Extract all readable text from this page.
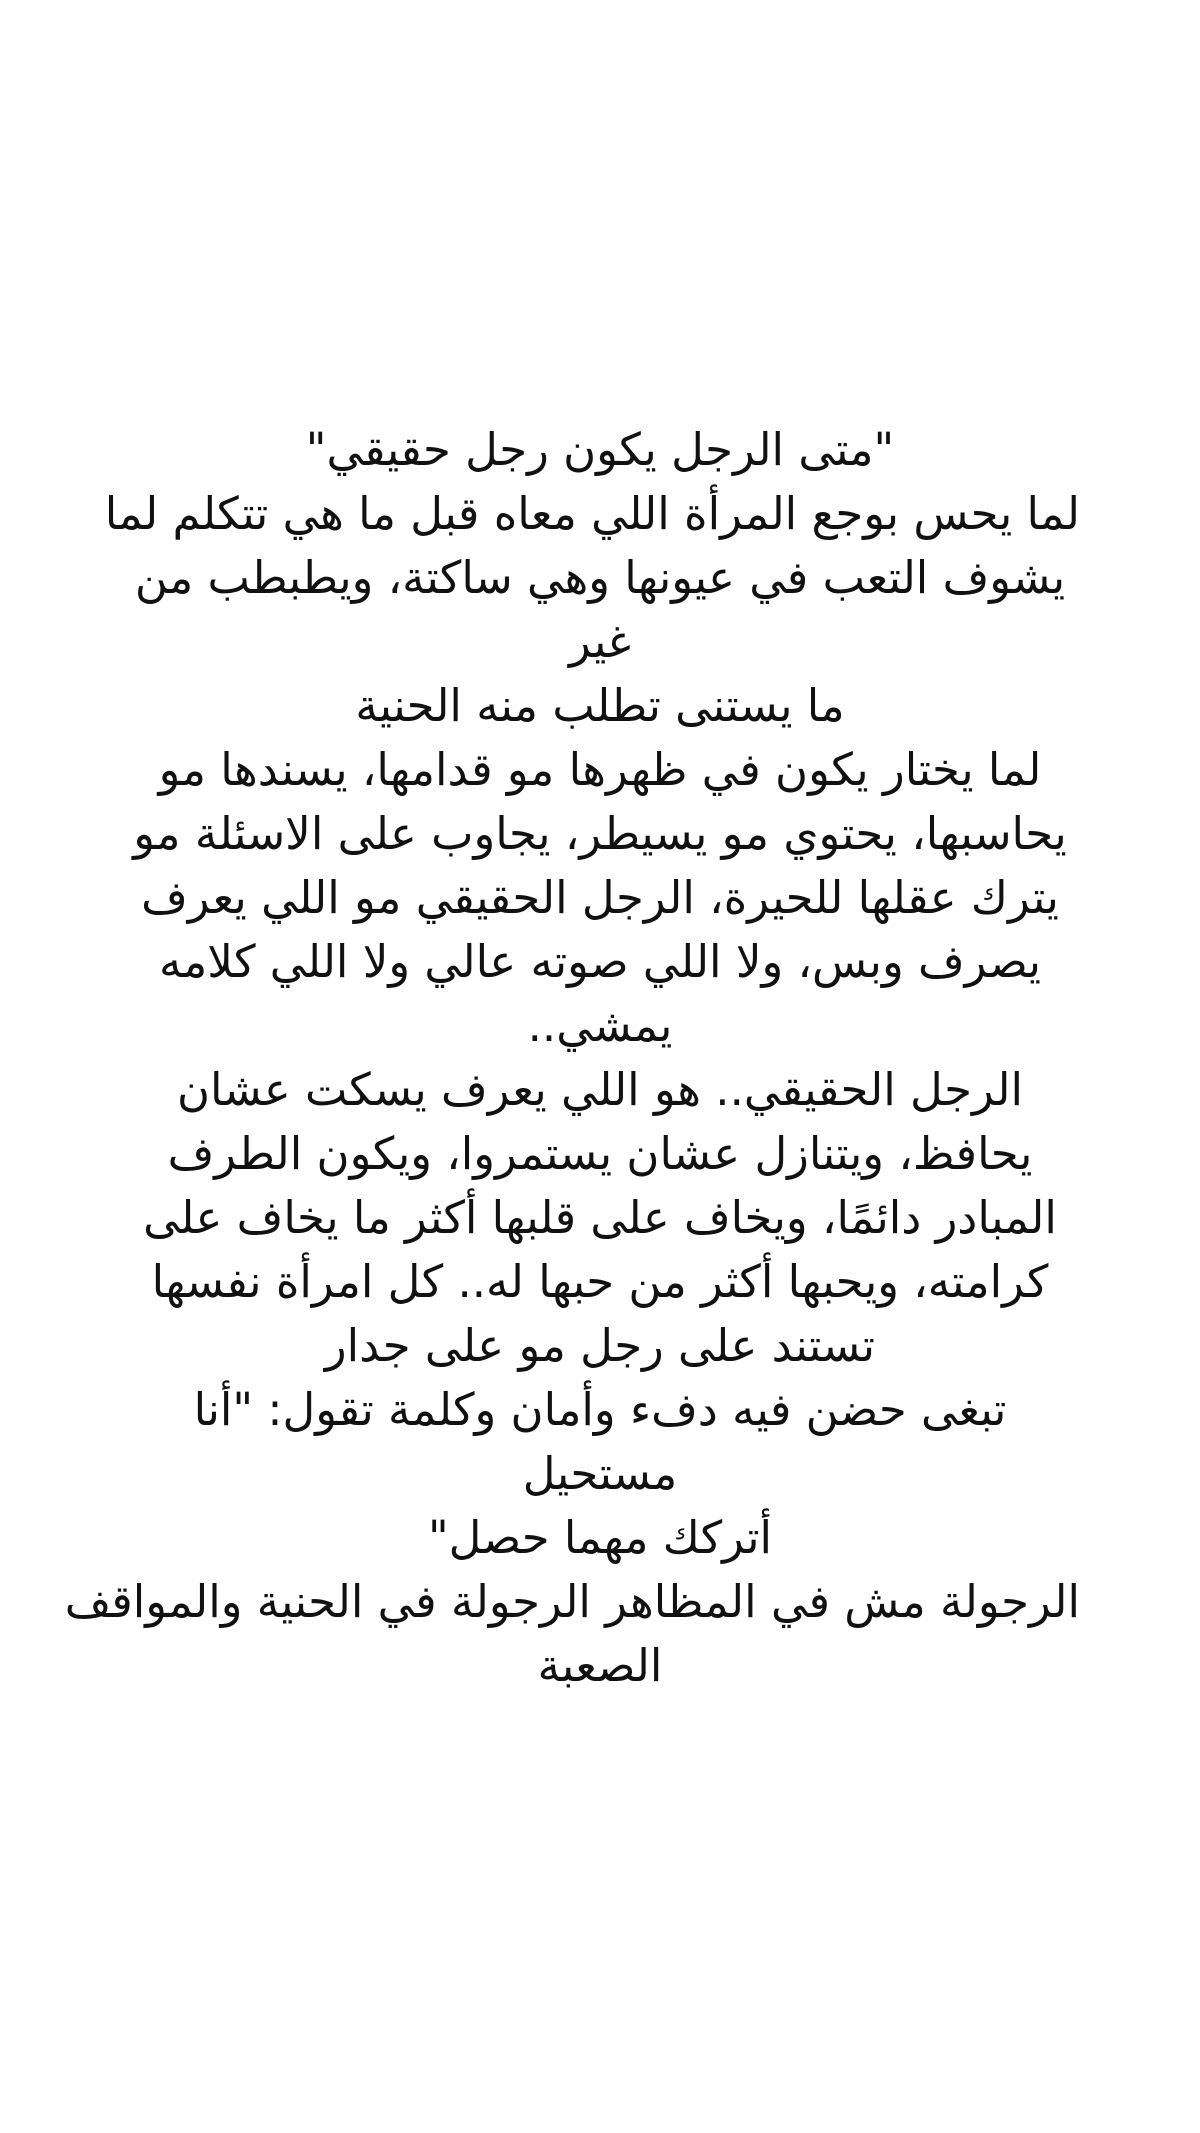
"متى الرجل يكون رجل حقيقي"
لما يحس بوجع المرأة اللي معاه قبل ما هي تتكلم لما
يشوف التعب في عيونها وهي ساكتة، ويطبطب من
غير
ما يستنى تطلب منه الحنية
لما يختار يكون في ظهرها مو قدامها، يسندها مو
يحاسبها، يحتوي مو يسيطر، يجاوب على الاسئلة مو
يترك عقلها للحيرة، الرجل الحقيقي مو اللي يعرف
يصرف وبس، ولا اللي صوته عالي ولا اللي كلامه
يمشي..
الرجل الحقيقي.. هو اللي يعرف يسكت عشان
يحافظ، ويتنازل عشان يستمروا، ويكون الطرف
المبادر دائمًا، ويخاف على قلبها أكثر ما يخاف على
كرامته، ويحبها أكثر من حبها له.. كل امرأة نفسها
تستند على رجل مو على جدار
تبغى حضن فيه دفء وأمان وكلمة تقول: "أنا
مستحيل
أتركك مهما حصل"
الرجولة مش في المظاهر الرجولة في الحنية والمواقف
الصعبة
